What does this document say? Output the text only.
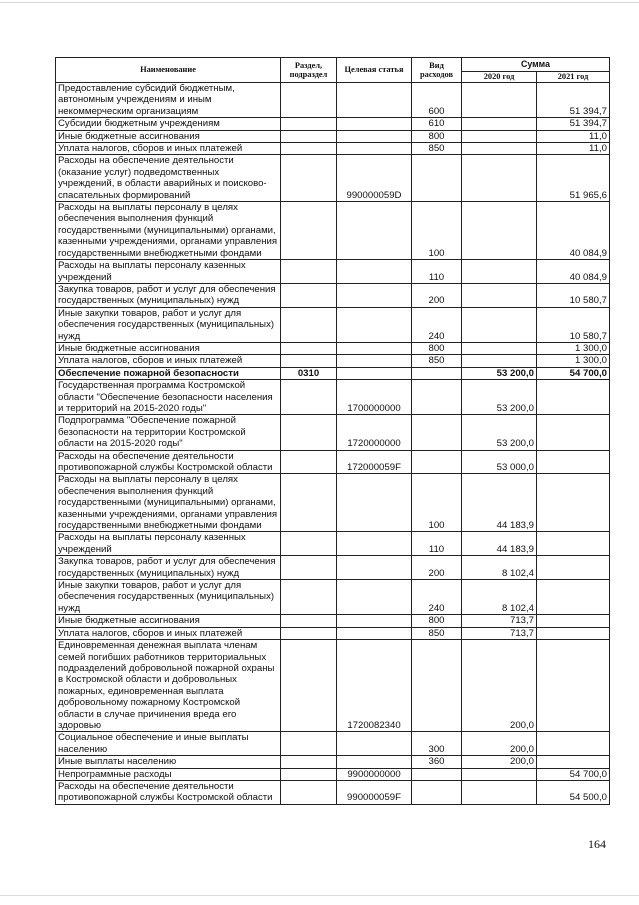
Наименование	Раздел, подраздел	Целевая статья	Вид расходов	Сумма	
				2020 год	2021 год
Предоставление субсидий бюджетным, автономным учреждениям и иным некоммерческим организациям			600		51 394,7
Субсидии бюджетным учреждениям			610		51 394,7
Иные бюджетные ассигнования			800		11,0
Уплата налогов, сборов и иных платежей			850		11,0
Расходы на обеспечение деятельности (оказание услуг) подведомственных учреждений, в области аварийных и поисково-спасательных формирований		990000059D			51 965,6
Расходы на выплаты персоналу в целях обеспечения выполнения функций государственными (муниципальными) органами, казенными учреждениями, органами управления государственными внебюджетными фондами			100		40 084,9
Расходы на выплаты персоналу казенных учреждений			110		40 084,9
Закупка товаров, работ и услуг для обеспечения государственных (муниципальных) нужд			200		10 580,7
Иные закупки товаров, работ и услуг для обеспечения государственных (муниципальных) нужд			240		10 580,7
Иные бюджетные ассигнования			800		1 300,0
Уплата налогов, сборов и иных платежей			850		1 300,0
Обеспечение пожарной безопасности	0310			53 200,0	54 700,0
Государственная программа Костромской области "Обеспечение безопасности населения и территорий на 2015-2020 годы"		1700000000		53 200,0	
Подпрограмма "Обеспечение пожарной безопасности на территории Костромской области на 2015-2020 годы"		1720000000		53 200,0	
Расходы на обеспечение деятельности противопожарной службы Костромской области		172000059F		53 000,0	
Расходы на выплаты персоналу в целях обеспечения выполнения функций государственными (муниципальными) органами, казенными учреждениями, органами управления государственными внебюджетными фондами			100	44 183,9	
Расходы на выплаты персоналу казенных учреждений			110	44 183,9	
Закупка товаров, работ и услуг для обеспечения государственных (муниципальных) нужд			200	8 102,4	
Иные закупки товаров, работ и услуг для обеспечения государственных (муниципальных) нужд			240	8 102,4	
Иные бюджетные ассигнования			800	713,7	
Уплата налогов, сборов и иных платежей			850	713,7	
Единовременная денежная выплата членам семей погибших работников территориальных подразделений добровольной пожарной охраны в Костромской области и добровольных пожарных, единовременная выплата добровольному пожарному Костромской области в случае причинения вреда его здоровью		1720082340		200,0	
Социальное обеспечение и иные выплаты населению			300	200,0	
Иные выплаты населению			360	200,0	
Непрограммные расходы		9900000000			54 700,0
Расходы на обеспечение деятельности противопожарной службы Костромской области		990000059F			54 500,0
164
